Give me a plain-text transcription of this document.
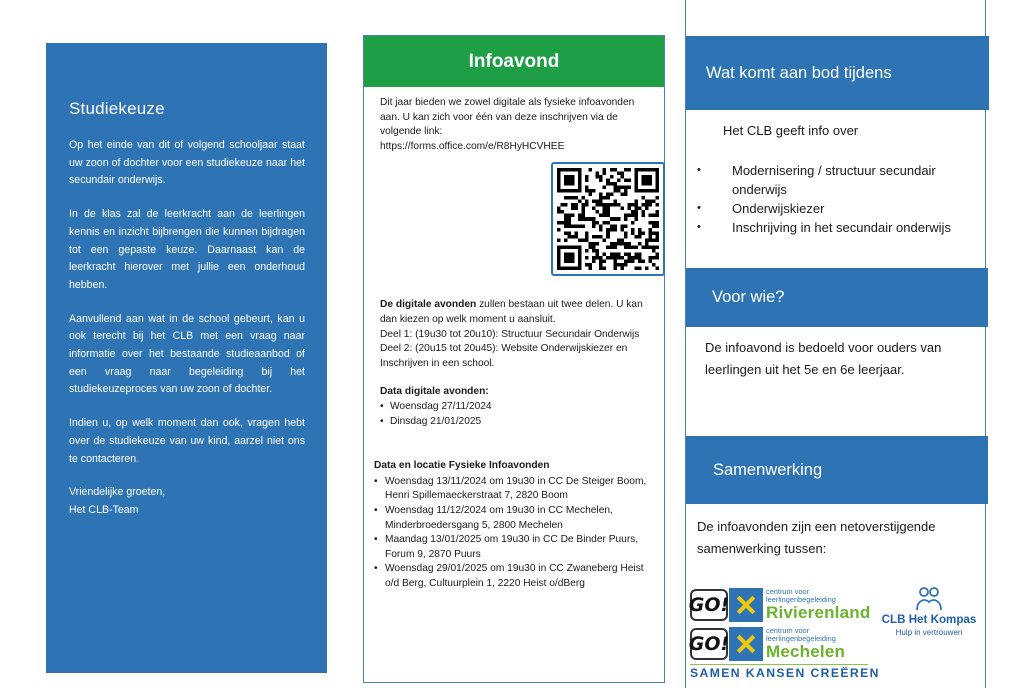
Studiekeuze

Op het einde van dit of volgend schooljaar staat uw zoon of dochter voor een studiekeuze naar het secundair onderwijs.

In de klas zal de leerkracht aan de leerlingen kennis en inzicht bijbrengen die kunnen bijdragen tot een gepaste keuze. Daarnaast kan de leerkracht hierover met jullie een onderhoud hebben.

Aanvullend aan wat in de school gebeurt, kan u ook terecht bij het CLB met een vraag naar informatie over het bestaande studieaanbod of een vraag naar begeleiding bij het studiekeuzeproces van uw zoon of dochter.

Indien u, op welk moment dan ook, vragen hebt over de studiekeuze van uw kind, aarzel niet ons te contacteren.

Vriendelijke groeten,
Het CLB-Team

Infoavond

Dit jaar bieden we zowel digitale als fysieke infoavonden aan. U kan zich voor één van deze inschrijven via de volgende link:
https://forms.office.com/e/R8HyHCVHEE

De digitale avonden zullen bestaan uit twee delen. U kan dan kiezen op welk moment u aansluit.
Deel 1: (19u30 tot 20u10): Structuur Secundair Onderwijs
Deel 2: (20u15 tot 20u45): Website Onderwijskiezer en Inschrijven in een school.

Data digitale avonden:

• Woensdag 27/11/2024
• Dinsdag 21/01/2025

Data en locatie Fysieke Infoavonden

• Woensdag 13/11/2024 om 19u30 in CC De Steiger Boom, Henri Spillemaeckerstraat 7, 2820 Boom
• Woensdag 11/12/2024 om 19u30 in CC Mechelen, Minderbroedersgang 5, 2800 Mechelen
• Maandag 13/01/2025 om 19u30 in CC De Binder Puurs, Forum 9, 2870 Puurs
• Woensdag 29/01/2025 om 19u30 in CC Zwaneberg Heist o/d Berg, Cultuurplein 1, 2220 Heist o/dBerg
Wat komt aan bod tijdens

Het CLB geeft info over

• Modernisering / structuur secundair onderwijs
• Onderwijskiezer
• Inschrijving in het secundair onderwijs
Voor wie?

De infoavond is bedoeld voor ouders van leerlingen uit het 5e en 6e leerjaar.

Samenwerking

De infoavonden zijn een netoverstijgende samenwerking tussen:

GO!
centrum voor
leerlingenbegeleiding
Rivierenland
GO!
centrum voor
leerlingenbegeleiding
Mechelen
SAMEN KANSEN CREËREN
CLB Het Kompas
Hulp in vertrouwen
